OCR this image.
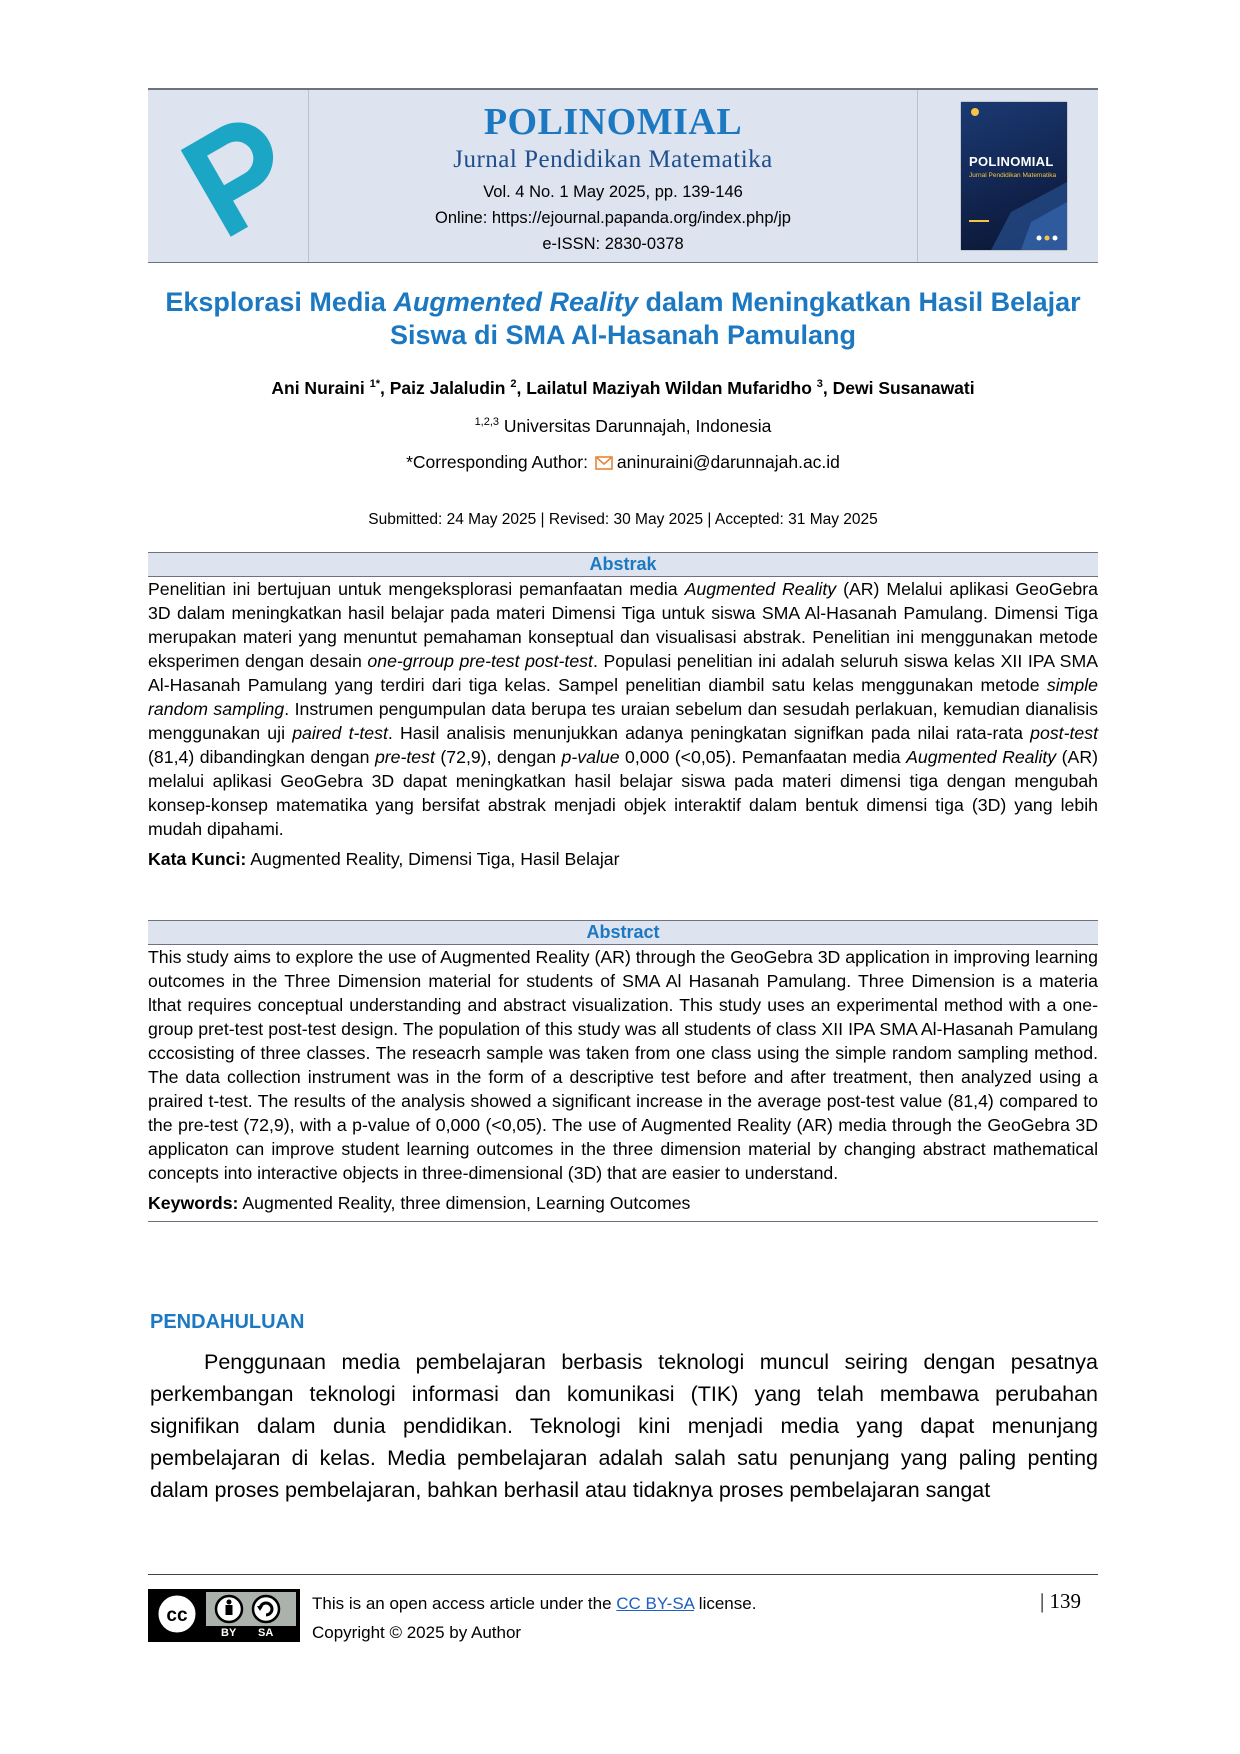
POLINOMIAL
Jurnal Pendidikan Matematika
Vol. 4 No. 1 May 2025, pp. 139-146
Online: https://ejournal.papanda.org/index.php/jp
e-ISSN: 2830-0378
POLINOMIAL
Jurnal Pendidikan Matematika
Eksplorasi Media Augmented Reality dalam Meningkatkan Hasil Belajar Siswa di SMA Al-Hasanah Pamulang
Ani Nuraini $^{1*}$, Paiz Jalaludin $^2$, Lailatul Maziyah Wildan Mufaridho $^3$, Dewi Susanawati
$^{1,2,3}$ Universitas Darunnajah, Indonesia
*Corresponding Author: aninuraini@darunnajah.ac.id
Submitted: 24 May 2025 | Revised: 30 May 2025 | Accepted: 31 May 2025
Abstrak
Penelitian ini bertujuan untuk mengeksplorasi pemanfaatan media Augmented Reality (AR) Melalui aplikasi GeoGebra 3D dalam meningkatkan hasil belajar pada materi Dimensi Tiga untuk siswa SMA Al-Hasanah Pamulang. Dimensi Tiga merupakan materi yang menuntut pemahaman konseptual dan visualisasi abstrak. Penelitian ini menggunakan metode eksperimen dengan desain one-grroup pre-test post-test. Populasi penelitian ini adalah seluruh siswa kelas XII IPA SMA Al-Hasanah Pamulang yang terdiri dari tiga kelas. Sampel penelitian diambil satu kelas menggunakan metode simple random sampling. Instrumen pengumpulan data berupa tes uraian sebelum dan sesudah perlakuan, kemudian dianalisis menggunakan uji paired t-test. Hasil analisis menunjukkan adanya peningkatan signifkan pada nilai rata-rata post-test (81,4) dibandingkan dengan pre-test (72,9), dengan p-value 0,000 (<0,05). Pemanfaatan media Augmented Reality (AR) melalui aplikasi GeoGebra 3D dapat meningkatkan hasil belajar siswa pada materi dimensi tiga dengan mengubah konsep-konsep matematika yang bersifat abstrak menjadi objek interaktif dalam bentuk dimensi tiga (3D) yang lebih mudah dipahami.
Kata Kunci: Augmented Reality, Dimensi Tiga, Hasil Belajar
Abstract
This study aims to explore the use of Augmented Reality (AR) through the GeoGebra 3D application in improving learning outcomes in the Three Dimension material for students of SMA Al Hasanah Pamulang. Three Dimension is a materia lthat requires conceptual understanding and abstract visualization. This study uses an experimental method with a one-group pret-test post-test design. The population of this study was all students of class XII IPA SMA Al-Hasanah Pamulang cccosisting of three classes. The reseacrh sample was taken from one class using the simple random sampling method. The data collection instrument was in the form of a descriptive test before and after treatment, then analyzed using a praired t-test. The results of the analysis showed a significant increase in the average post-test value (81,4) compared to the pre-test (72,9), with a p-value of 0,000 (<0,05). The use of Augmented Reality (AR) media through the GeoGebra 3D applicaton can improve student learning outcomes in the three dimension material by changing abstract mathematical concepts into interactive objects in three-dimensional (3D) that are easier to understand.
Keywords: Augmented Reality, three dimension, Learning Outcomes
PENDAHULUAN
Penggunaan media pembelajaran berbasis teknologi muncul seiring dengan pesatnya perkembangan teknologi informasi dan komunikasi (TIK) yang telah membawa perubahan signifikan dalam dunia pendidikan. Teknologi kini menjadi media yang dapat menunjang pembelajaran di kelas. Media pembelajaran adalah salah satu penunjang yang paling penting dalam proses pembelajaran, bahkan berhasil atau tidaknya proses pembelajaran sangat
cc
BY SA
This is an open access article under the CC BY-SA license.
Copyright © 2025 by Author
| 139
